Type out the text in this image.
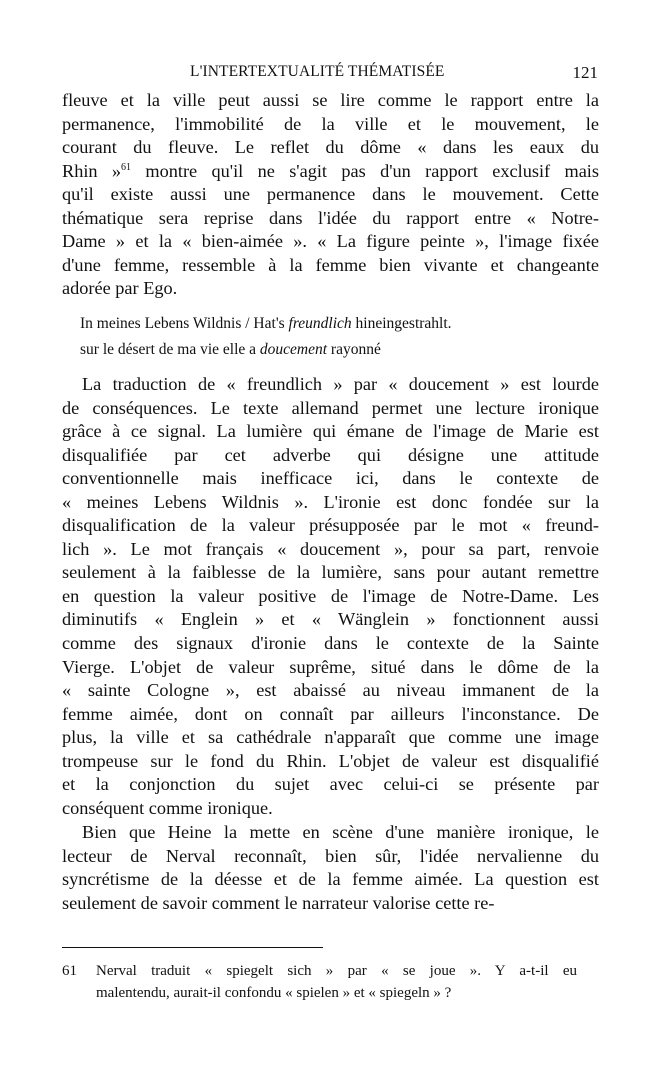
L'INTERTEXTUALITÉ THÉMATISÉE	121
fleuve et la ville peut aussi se lire comme le rapport entre la
permanence, l'immobilité de la ville et le mouvement, le
courant du fleuve. Le reflet du dôme « dans les eaux du
Rhin »$^{61}$ montre qu'il ne s'agit pas d'un rapport exclusif mais
qu'il existe aussi une permanence dans le mouvement. Cette
thématique sera reprise dans l'idée du rapport entre « Notre-
Dame » et la « bien-aimée ». « La figure peinte », l'image fixée
d'une femme, ressemble à la femme bien vivante et changeante
adorée par Ego.
In meines Lebens Wildnis / Hat's freundlich hineingestrahlt.
sur le désert de ma vie elle a doucement rayonné
La traduction de « freundlich » par « doucement » est lourde
de conséquences. Le texte allemand permet une lecture ironique
grâce à ce signal. La lumière qui émane de l'image de Marie est
disqualifiée par cet adverbe qui désigne une attitude
conventionnelle mais inefficace ici, dans le contexte de
« meines Lebens Wildnis ». L'ironie est donc fondée sur la
disqualification de la valeur présupposée par le mot « freund-
lich ». Le mot français « doucement », pour sa part, renvoie
seulement à la faiblesse de la lumière, sans pour autant remettre
en question la valeur positive de l'image de Notre-Dame. Les
diminutifs « Englein » et « Wänglein » fonctionnent aussi
comme des signaux d'ironie dans le contexte de la Sainte
Vierge. L'objet de valeur suprême, situé dans le dôme de la
« sainte Cologne », est abaissé au niveau immanent de la
femme aimée, dont on connaît par ailleurs l'inconstance. De
plus, la ville et sa cathédrale n'apparaît que comme une image
trompeuse sur le fond du Rhin. L'objet de valeur est disqualifié
et la conjonction du sujet avec celui-ci se présente par
conséquent comme ironique.
Bien que Heine la mette en scène d'une manière ironique, le
lecteur de Nerval reconnaît, bien sûr, l'idée nervalienne du
syncrétisme de la déesse et de la femme aimée. La question est
seulement de savoir comment le narrateur valorise cette re-
61 Nerval traduit « spiegelt sich » par « se joue ». Y a-t-il eu
malentendu, aurait-il confondu « spielen » et « spiegeln » ?
